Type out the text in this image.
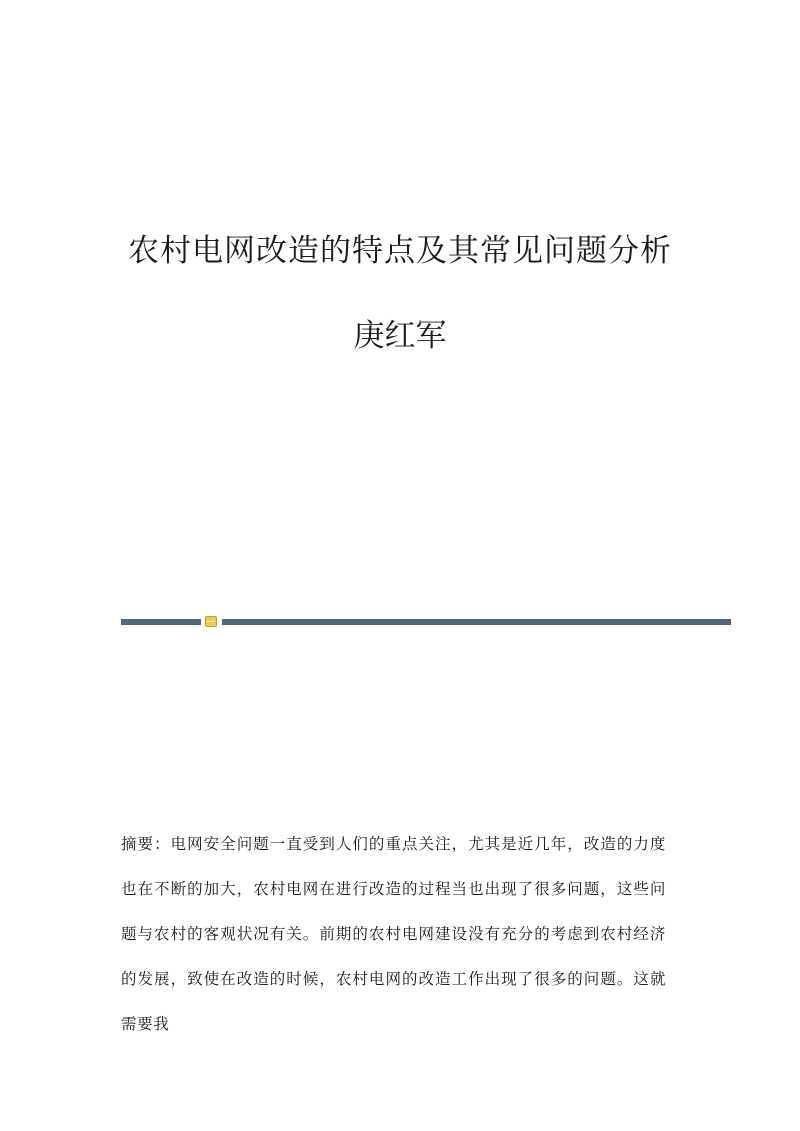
农村电网改造的特点及其常见问题分析
庚红军

摘要：电网安全问题一直受到人们的重点关注，尤其是近几年，改造的力度也在不断的加大，农村电网在进行改造的过程当也出现了很多问题，这些问题与农村的客观状况有关。前期的农村电网建设没有充分的考虑到农村经济的发展，致使在改造的时候，农村电网的改造工作出现了很多的问题。这就需要我
